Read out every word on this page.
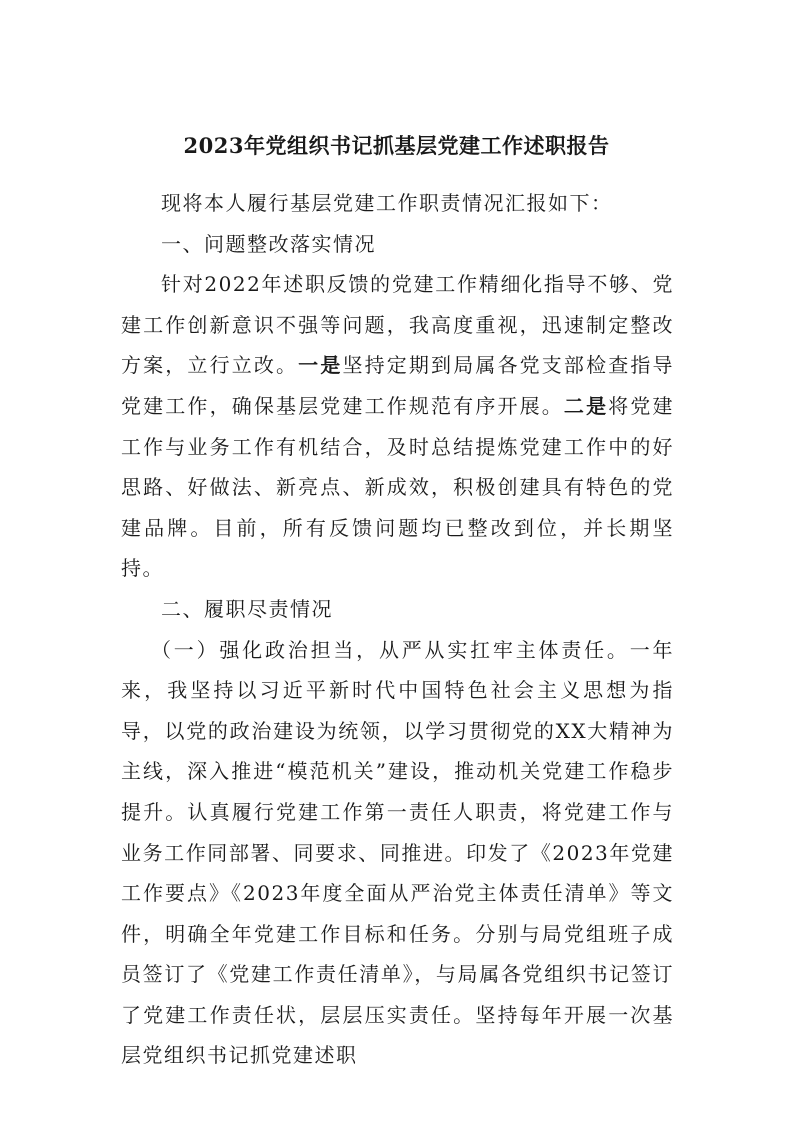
2023年党组织书记抓基层党建工作述职报告

现将本人履行基层党建工作职责情况汇报如下：

一、问题整改落实情况

针对2022年述职反馈的党建工作精细化指导不够、党建工作创新意识不强等问题，我高度重视，迅速制定整改方案，立行立改。一是坚持定期到局属各党支部检查指导党建工作，确保基层党建工作规范有序开展。二是将党建工作与业务工作有机结合，及时总结提炼党建工作中的好思路、好做法、新亮点、新成效，积极创建具有特色的党建品牌。目前，所有反馈问题均已整改到位，并长期坚持。

二、履职尽责情况

（一）强化政治担当，从严从实扛牢主体责任。一年来，我坚持以习近平新时代中国特色社会主义思想为指导，以党的政治建设为统领，以学习贯彻党的XX大精神为主线，深入推进“模范机关”建设，推动机关党建工作稳步提升。认真履行党建工作第一责任人职责，将党建工作与业务工作同部署、同要求、同推进。印发了《2023年党建工作要点》《2023年度全面从严治党主体责任清单》等文件，明确全年党建工作目标和任务。分别与局党组班子成员签订了《党建工作责任清单》，与局属各党组织书记签订了党建工作责任状，层层压实责任。坚持每年开展一次基层党组织书记抓党建述职
